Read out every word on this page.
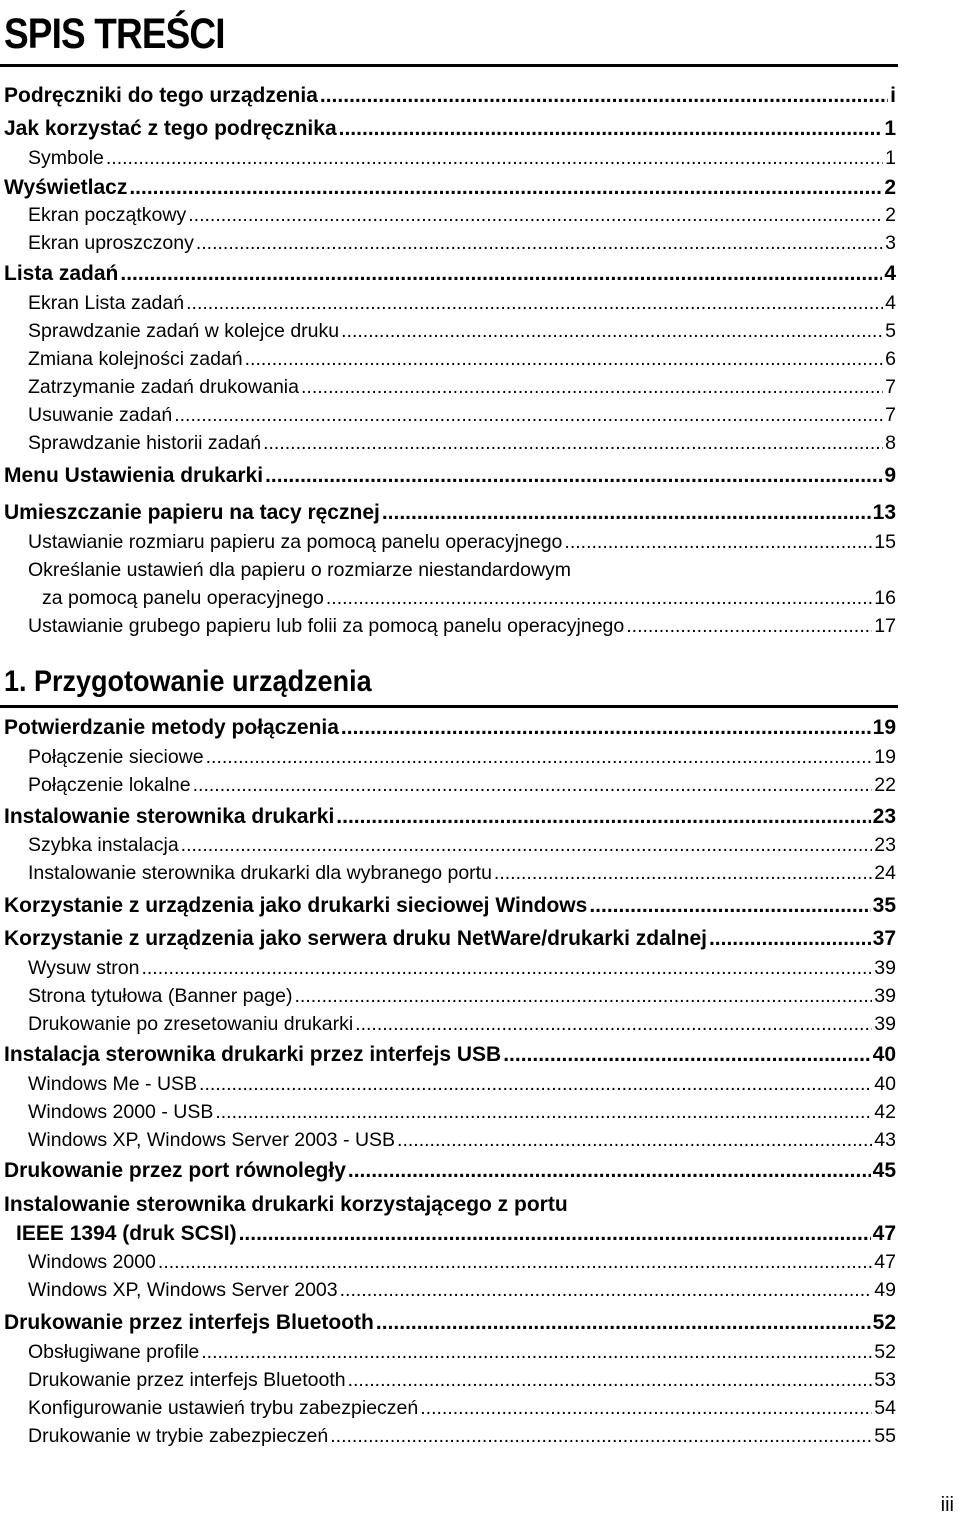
SPIS TREŚCI
Podręczniki do tego urządzenia .....	i
Jak korzystać z tego podręcznika .....	1
Symbole .....	1
Wyświetlacz .....	2
Ekran początkowy .....	2
Ekran uproszczony .....	3
Lista zadań .....	4
Ekran Lista zadań .....	4
Sprawdzanie zadań w kolejce druku .....	5
Zmiana kolejności zadań .....	6
Zatrzymanie zadań drukowania .....	7
Usuwanie zadań .....	7
Sprawdzanie historii zadań .....	8
Menu Ustawienia drukarki .....	9
Umieszczanie papieru na tacy ręcznej .....	13
Ustawianie rozmiaru papieru za pomocą panelu operacyjnego .....	15
Określanie ustawień dla papieru o rozmiarze niestandardowym
za pomocą panelu operacyjnego .....	16
Ustawianie grubego papieru lub folii za pomocą panelu operacyjnego .....	17
1. Przygotowanie urządzenia
Potwierdzanie metody połączenia .....	19
Połączenie sieciowe .....	19
Połączenie lokalne .....	22
Instalowanie sterownika drukarki .....	23
Szybka instalacja .....	23
Instalowanie sterownika drukarki dla wybranego portu .....	24
Korzystanie z urządzenia jako drukarki sieciowej Windows .....	35
Korzystanie z urządzenia jako serwera druku NetWare/drukarki zdalnej .....	37
Wysuw stron .....	39
Strona tytułowa (Banner page) .....	39
Drukowanie po zresetowaniu drukarki .....	39
Instalacja sterownika drukarki przez interfejs USB .....	40
Windows Me - USB .....	40
Windows 2000 - USB .....	42
Windows XP, Windows Server 2003 - USB .....	43
Drukowanie przez port równoległy .....	45
Instalowanie sterownika drukarki korzystającego z portu
IEEE 1394 (druk SCSI) .....	47
Windows 2000 .....	47
Windows XP, Windows Server 2003 .....	49
Drukowanie przez interfejs Bluetooth .....	52
Obsługiwane profile .....	52
Drukowanie przez interfejs Bluetooth .....	53
Konfigurowanie ustawień trybu zabezpieczeń .....	54
Drukowanie w trybie zabezpieczeń .....	55
iii
